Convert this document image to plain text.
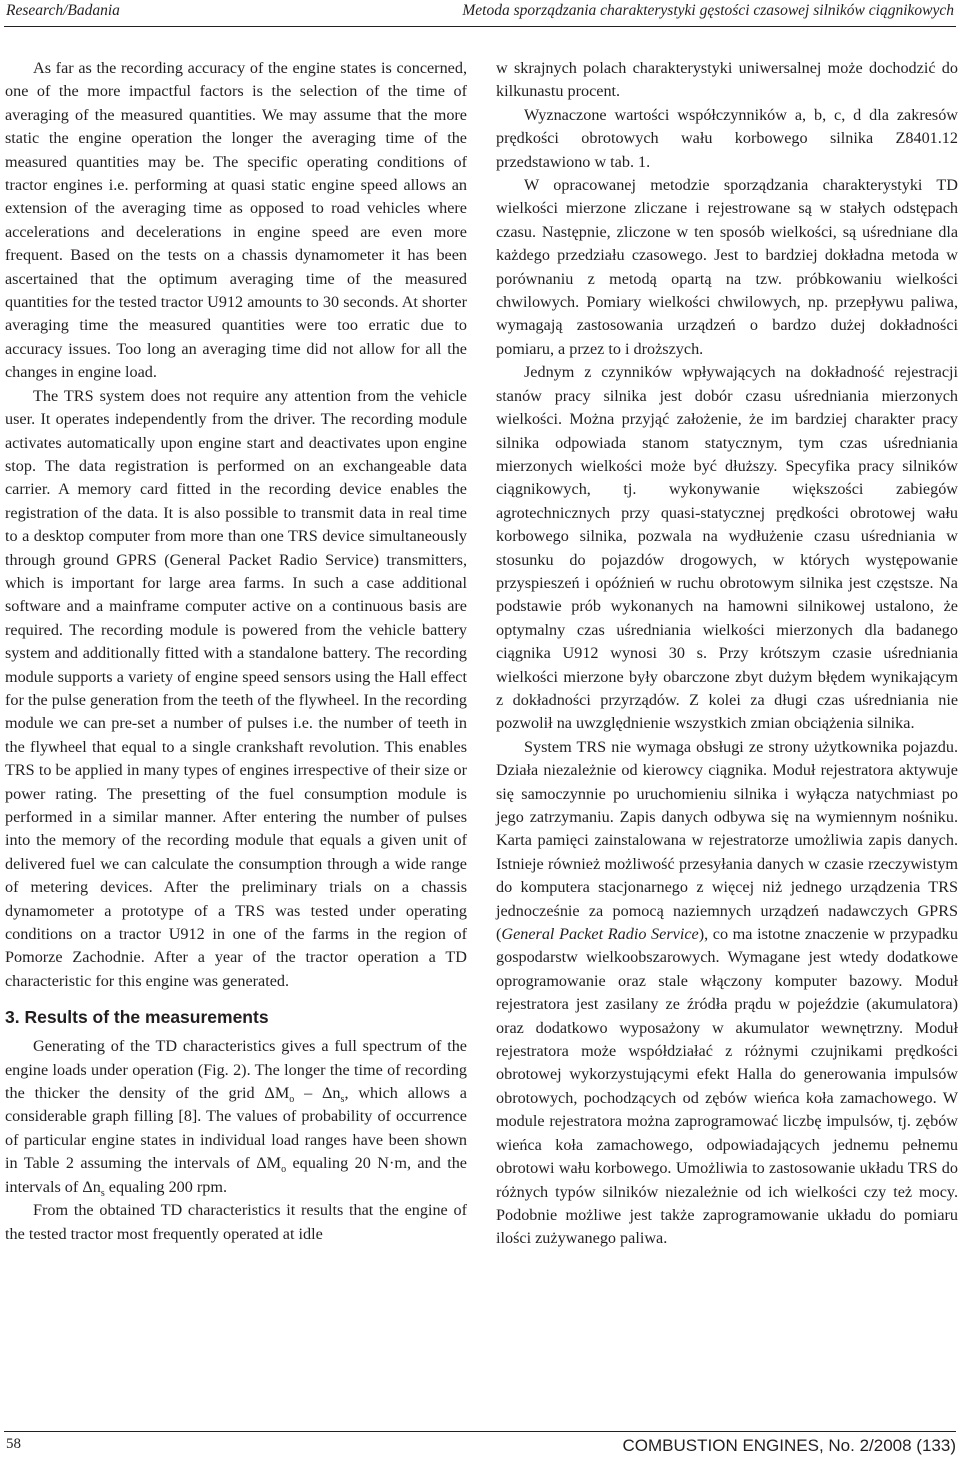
Research/Badania	Metoda sporządzania charakterystyki gęstości czasowej silników ciągnikowych

As far as the recording accuracy of the engine states is concerned, one of the more impactful factors is the selection of the time of averaging of the measured quantities. We may assume that the more static the engine operation the longer the averaging time of the measured quantities may be. The specific operating conditions of tractor engines i.e. performing at quasi static engine speed allows an extension of the averaging time as opposed to road vehicles where accelerations and decelerations in engine speed are even more frequent. Based on the tests on a chassis dynamometer it has been ascertained that the optimum averaging time of the measured quantities for the tested tractor U912 amounts to 30 seconds. At shorter averaging time the measured quantities were too erratic due to accuracy issues. Too long an averaging time did not allow for all the changes in engine load.

The TRS system does not require any attention from the vehicle user. It operates independently from the driver. The recording module activates automatically upon engine start and deactivates upon engine stop. The data registration is performed on an exchangeable data carrier. A memory card fitted in the recording device enables the registration of the data. It is also possible to transmit data in real time to a desktop computer from more than one TRS device simultaneously through ground GPRS (General Packet Radio Service) transmitters, which is important for large area farms. In such a case additional software and a mainframe computer active on a continuous basis are required. The recording module is powered from the vehicle battery system and additionally fitted with a standalone battery. The recording module supports a variety of engine speed sensors using the Hall effect for the pulse generation from the teeth of the flywheel. In the recording module we can pre-set a number of pulses i.e. the number of teeth in the flywheel that equal to a single crankshaft revolution. This enables TRS to be applied in many types of engines irrespective of their size or power rating. The presetting of the fuel consumption module is performed in a similar manner. After entering the number of pulses into the memory of the recording module that equals a given unit of delivered fuel we can calculate the consumption through a wide range of metering devices. After the preliminary trials on a chassis dynamometer a prototype of a TRS was tested under operating conditions on a tractor U912 in one of the farms in the region of Pomorze Zachodnie. After a year of the tractor operation a TD characteristic for this engine was generated.

3. Results of the measurements

Generating of the TD characteristics gives a full spectrum of the engine loads under operation (Fig. 2). The longer the time of recording the thicker the density of the grid $\Delta M_o - \Delta n_s$, which allows a considerable graph filling [8]. The values of probability of occurrence of particular engine states in individual load ranges have been shown in Table 2 assuming the intervals of $\Delta M_o$ equaling 20 N·m, and the intervals of $\Delta n_s$ equaling 200 rpm.

From the obtained TD characteristics it results that the engine of the tested tractor most frequently operated at idle

w skrajnych polach charakterystyki uniwersalnej może dochodzić do kilkunastu procent.

Wyznaczone wartości współczynników a, b, c, d dla zakresów prędkości obrotowych wału korbowego silnika Z8401.12 przedstawiono w tab. 1.

W opracowanej metodzie sporządzania charakterystyki TD wielkości mierzone zliczane i rejestrowane są w stałych odstępach czasu. Następnie, zliczone w ten sposób wielkości, są uśredniane dla każdego przedziału czasowego. Jest to bardziej dokładna metoda w porównaniu z metodą opartą na tzw. próbkowaniu wielkości chwilowych. Pomiary wielkości chwilowych, np. przepływu paliwa, wymagają zastosowania urządzeń o bardzo dużej dokładności pomiaru, a przez to i droższych.

Jednym z czynników wpływających na dokładność rejestracji stanów pracy silnika jest dobór czasu uśredniania mierzonych wielkości. Można przyjąć założenie, że im bardziej charakter pracy silnika odpowiada stanom statycznym, tym czas uśredniania mierzonych wielkości może być dłuższy. Specyfika pracy silników ciągnikowych, tj. wykonywanie większości zabiegów agrotechnicznych przy quasi-statycznej prędkości obrotowej wału korbowego silnika, pozwala na wydłużenie czasu uśredniania w stosunku do pojazdów drogowych, w których występowanie przyspieszeń i opóźnień w ruchu obrotowym silnika jest częstsze. Na podstawie prób wykonanych na hamowni silnikowej ustalono, że optymalny czas uśredniania wielkości mierzonych dla badanego ciągnika U912 wynosi 30 s. Przy krótszym czasie uśredniania wielkości mierzone były obarczone zbyt dużym błędem wynikającym z dokładności przyrządów. Z kolei za długi czas uśredniania nie pozwolił na uwzględnienie wszystkich zmian obciążenia silnika.

System TRS nie wymaga obsługi ze strony użytkownika pojazdu. Działa niezależnie od kierowcy ciągnika. Moduł rejestratora aktywuje się samoczynnie po uruchomieniu silnika i wyłącza natychmiast po jego zatrzymaniu. Zapis danych odbywa się na wymiennym nośniku. Karta pamięci zainstalowana w rejestratorze umożliwia zapis danych. Istnieje również możliwość przesyłania danych w czasie rzeczywistym do komputera stacjonarnego z więcej niż jednego urządzenia TRS jednocześnie za pomocą naziemnych urządzeń nadawczych GPRS (General Packet Radio Service), co ma istotne znaczenie w przypadku gospodarstw wielkoobszarowych. Wymagane jest wtedy dodatkowe oprogramowanie oraz stale włączony komputer bazowy. Moduł rejestratora jest zasilany ze źródła prądu w pojeździe (akumulatora) oraz dodatkowo wyposażony w akumulator wewnętrzny. Moduł rejestratora może współdziałać z różnymi czujnikami prędkości obrotowej wykorzystującymi efekt Halla do generowania impulsów obrotowych, pochodzących od zębów wieńca koła zamachowego. W module rejestratora można zaprogramować liczbę impulsów, tj. zębów wieńca koła zamachowego, odpowiadających jednemu pełnemu obrotowi wału korbowego. Umożliwia to zastosowanie układu TRS do różnych typów silników niezależnie od ich wielkości czy też mocy. Podobnie możliwe jest także zaprogramowanie układu do pomiaru ilości zużywanego paliwa.

58	COMBUSTION ENGINES, No. 2/2008 (133)
